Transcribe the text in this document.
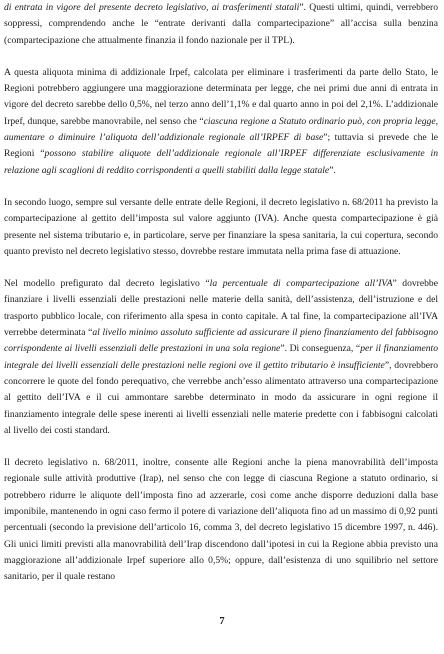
di entrata in vigore del presente decreto legislativo, ai trasferimenti statali”. Questi ultimi, quindi, verrebbero soppressi, comprendendo anche le “entrate derivanti dalla compartecipazione” all’accisa sulla benzina (compartecipazione che attualmente finanzia il fondo nazionale per il TPL).

A questa aliquota minima di addizionale Irpef, calcolata per eliminare i trasferimenti da parte dello Stato, le Regioni potrebbero aggiungere una maggiorazione determinata per legge, che nei primi due anni di entrata in vigore del decreto sarebbe dello 0,5%, nel terzo anno dell’1,1% e dal quarto anno in poi del 2,1%. L’addizionale Irpef, dunque, sarebbe manovrabile, nel senso che “ciascuna regione a Statuto ordinario può, con propria legge, aumentare o diminuire l’aliquota dell’addizionale regionale all’IRPEF di base”; tuttavia si prevede che le Regioni “possono stabilire aliquote dell’addizionale regionale all’IRPEF differenziate esclusivamente in relazione agli scaglioni di reddito corrispondenti a quelli stabiliti dalla legge statale”.

In secondo luogo, sempre sul versante delle entrate delle Regioni, il decreto legislativo n. 68/2011 ha previsto la compartecipazione al gettito dell’imposta sul valore aggiunto (IVA). Anche questa compartecipazione è già presente nel sistema tributario e, in particolare, serve per finanziare la spesa sanitaria, la cui copertura, secondo quanto previsto nel decreto legislativo stesso, dovrebbe restare immutata nella prima fase di attuazione.

Nel modello prefigurato dal decreto legislativo “la percentuale di compartecipazione all’IVA” dovrebbe finanziare i livelli essenziali delle prestazioni nelle materie della sanità, dell’assistenza, dell’istruzione e del trasporto pubblico locale, con riferimento alla spesa in conto capitale. A tal fine, la compartecipazione all’IVA verrebbe determinata “al livello minimo assoluto sufficiente ad assicurare il pieno finanziamento del fabbisogno corrispondente ai livelli essenziali delle prestazioni in una sola regione”. Di conseguenza, “per il finanziamento integrale dei livelli essenziali delle prestazioni nelle regioni ove il gettito tributario è insufficiente”, dovrebbero concorrere le quote del fondo perequativo, che verrebbe anch’esso alimentato attraverso una compartecipazione al gettito dell’IVA e il cui ammontare sarebbe determinato in modo da assicurare in ogni regione il finanziamento integrale delle spese inerenti ai livelli essenziali nelle materie predette con i fabbisogni calcolati al livello dei costi standard.

Il decreto legislativo n. 68/2011, inoltre, consente alle Regioni anche la piena manovrabilità dell’imposta regionale sulle attività produttive (Irap), nel senso che con legge di ciascuna Regione a statuto ordinario, si potrebbero ridurre le aliquote dell’imposta fino ad azzerarle, così come anche disporre deduzioni dalla base imponibile, mantenendo in ogni caso fermo il potere di variazione dell’aliquota fino ad un massimo di 0,92 punti percentuali (secondo la previsione dell’articolo 16, comma 3, del decreto legislativo 15 dicembre 1997, n. 446). Gli unici limiti previsti alla manovrabilità dell’Irap discendono dall’ipotesi in cui la Regione abbia previsto una maggiorazione all’addizionale Irpef superiore allo 0,5%; oppure, dall’esistenza di uno squilibrio nel settore sanitario, per il quale restano

7
